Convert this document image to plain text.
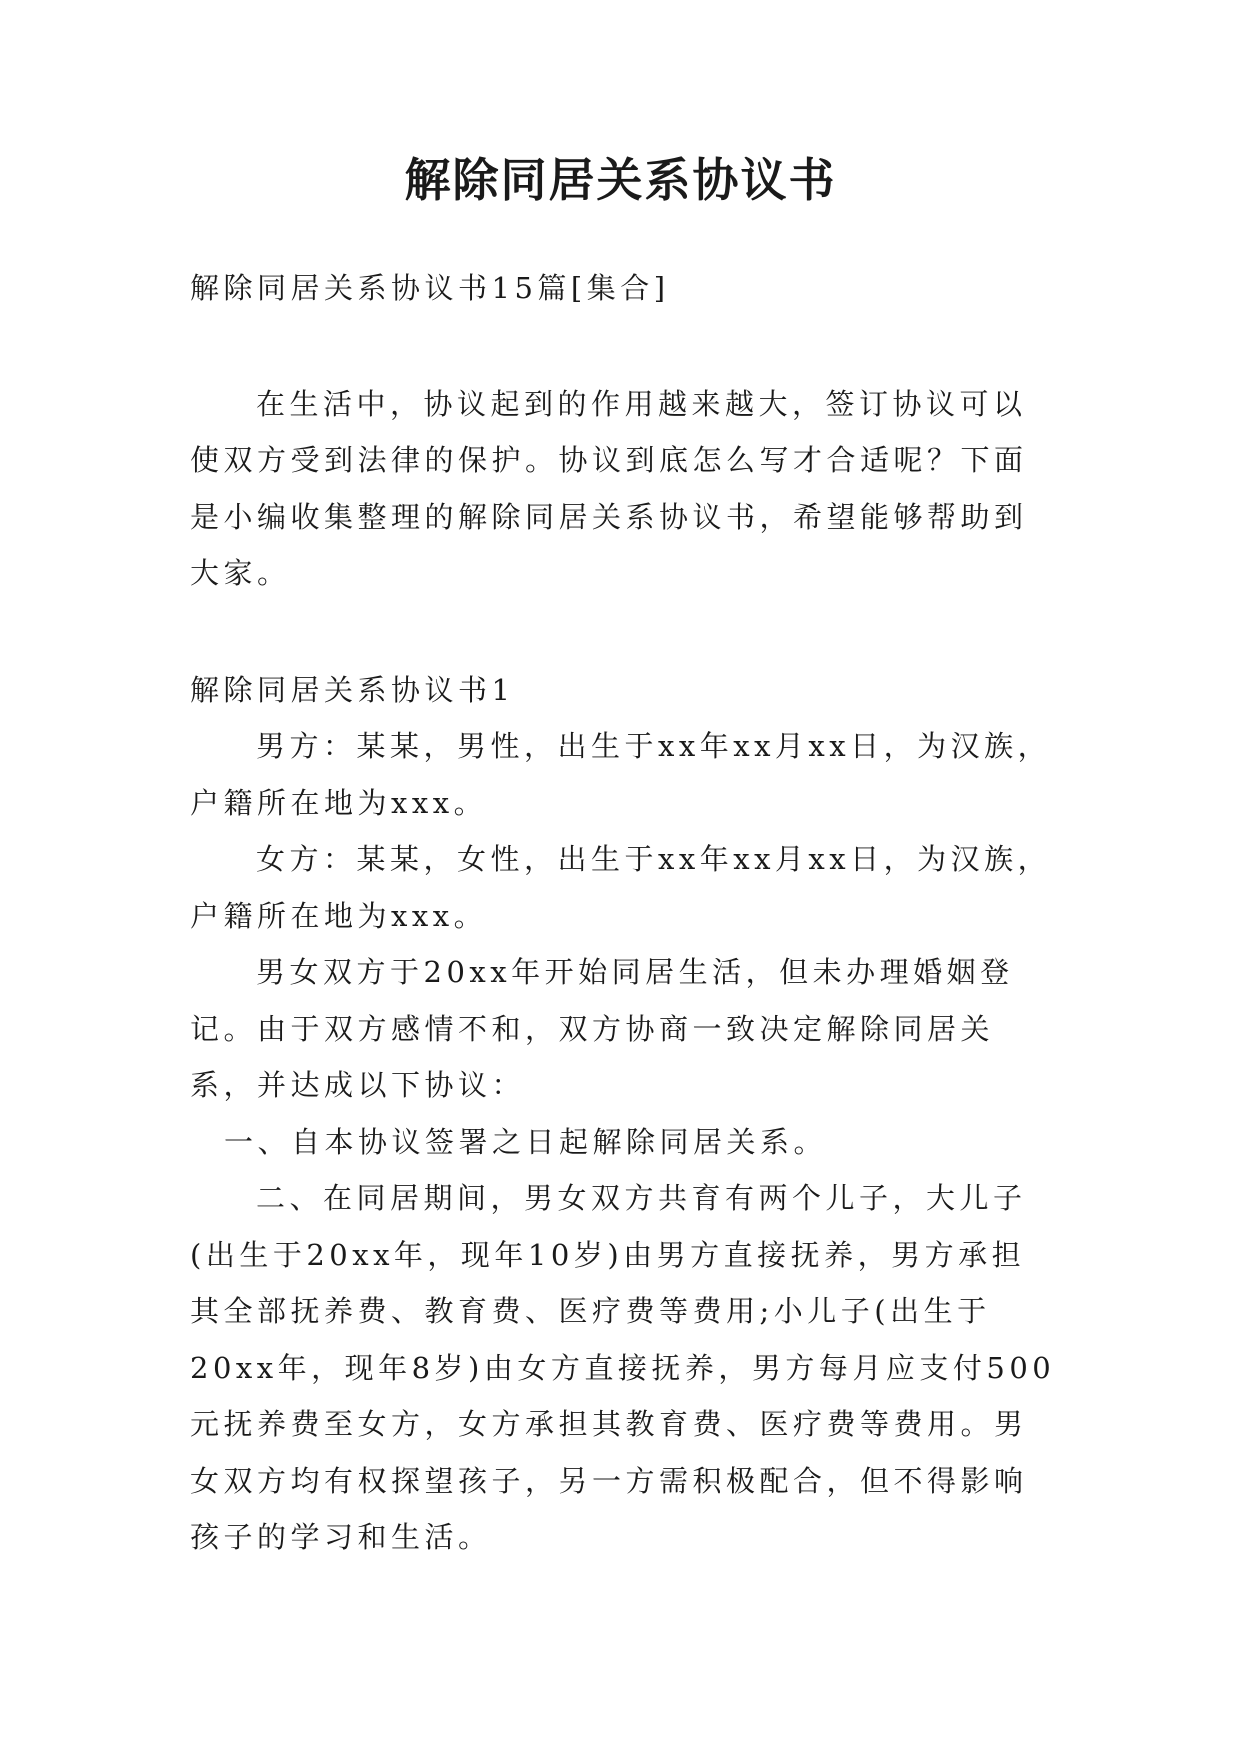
解除同居关系协议书

解除同居关系协议书15篇[集合]

在生活中，协议起到的作用越来越大，签订协议可以使双方受到法律的保护。协议到底怎么写才合适呢？下面是小编收集整理的解除同居关系协议书，希望能够帮助到大家。

解除同居关系协议书1

男方：某某，男性，出生于xx年xx月xx日，为汉族，户籍所在地为xxx。

女方：某某，女性，出生于xx年xx月xx日，为汉族，户籍所在地为xxx。

男女双方于20xx年开始同居生活，但未办理婚姻登记。由于双方感情不和，双方协商一致决定解除同居关系，并达成以下协议：

一、自本协议签署之日起解除同居关系。

二、在同居期间，男女双方共育有两个儿子，大儿子(出生于20xx年，现年10岁)由男方直接抚养，男方承担其全部抚养费、教育费、医疗费等费用;小儿子(出生于20xx年，现年8岁)由女方直接抚养，男方每月应支付500元抚养费至女方，女方承担其教育费、医疗费等费用。男女双方均有权探望孩子，另一方需积极配合，但不得影响孩子的学习和生活。
